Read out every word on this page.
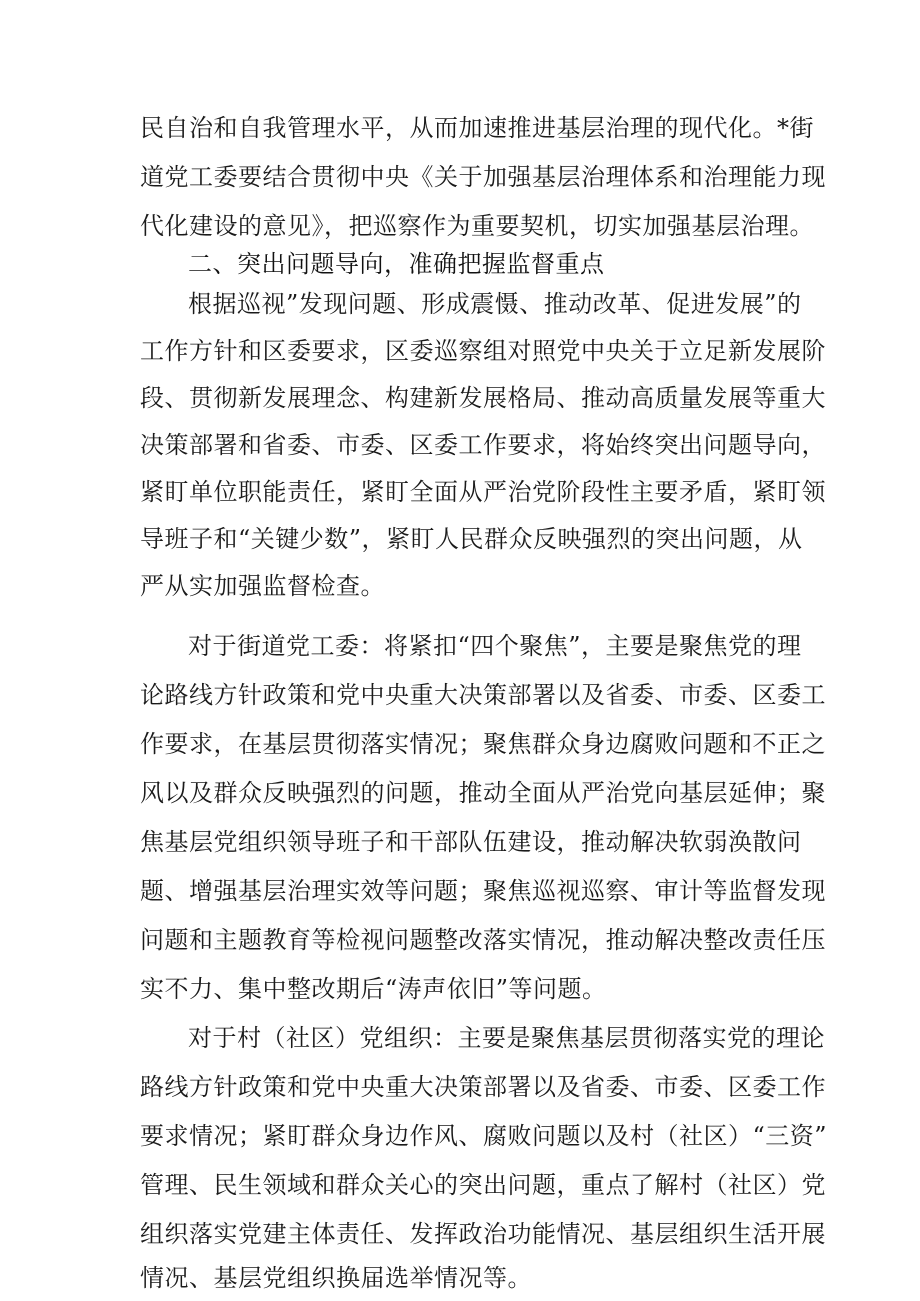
民自治和自我管理水平，从而加速推进基层治理的现代化。*街
道党工委要结合贯彻中央《关于加强基层治理体系和治理能力现
代化建设的意见》，把巡察作为重要契机，切实加强基层治理。
二、突出问题导向，准确把握监督重点
根据巡视”发现问题、形成震慑、推动改革、促进发展”的
工作方针和区委要求，区委巡察组对照党中央关于立足新发展阶
段、贯彻新发展理念、构建新发展格局、推动高质量发展等重大
决策部署和省委、市委、区委工作要求，将始终突出问题导向，
紧盯单位职能责任，紧盯全面从严治党阶段性主要矛盾，紧盯领
导班子和“关键少数”，紧盯人民群众反映强烈的突出问题，从
严从实加强监督检查。
对于街道党工委：将紧扣“四个聚焦”，主要是聚焦党的理
论路线方针政策和党中央重大决策部署以及省委、市委、区委工
作要求，在基层贯彻落实情况；聚焦群众身边腐败问题和不正之
风以及群众反映强烈的问题，推动全面从严治党向基层延伸；聚
焦基层党组织领导班子和干部队伍建设，推动解决软弱涣散问
题、增强基层治理实效等问题；聚焦巡视巡察、审计等监督发现
问题和主题教育等检视问题整改落实情况，推动解决整改责任压
实不力、集中整改期后“涛声依旧”等问题。
对于村（社区）党组织：主要是聚焦基层贯彻落实党的理论
路线方针政策和党中央重大决策部署以及省委、市委、区委工作
要求情况；紧盯群众身边作风、腐败问题以及村（社区）“三资”
管理、民生领域和群众关心的突出问题，重点了解村（社区）党
组织落实党建主体责任、发挥政治功能情况、基层组织生活开展
情况、基层党组织换届选举情况等。
